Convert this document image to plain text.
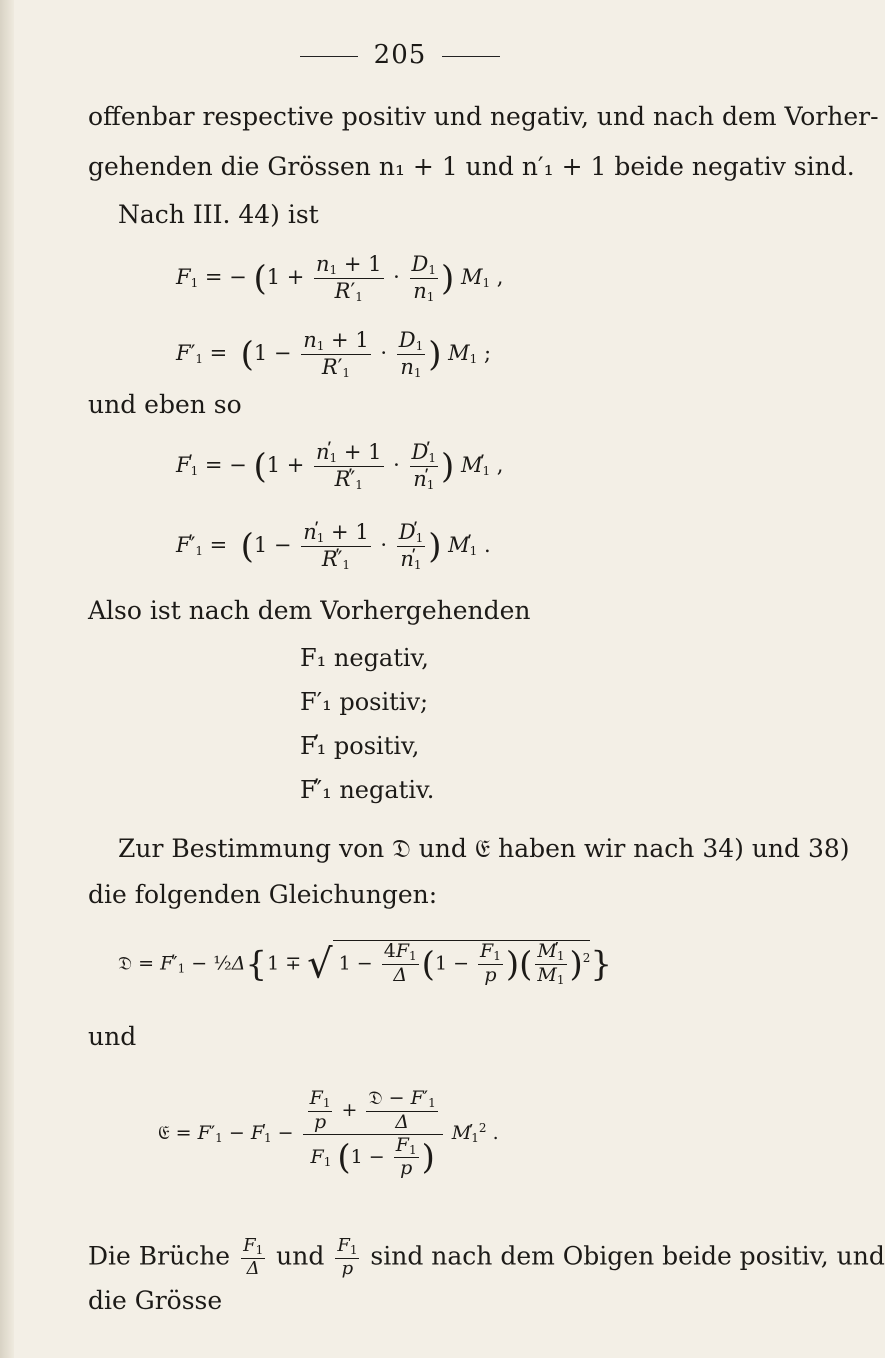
205
offenbar respective positiv und negativ, und nach dem Vorher-
gehenden die Grössen n₁ + 1 und n′₁ + 1 beide negativ sind.
Nach III. 44) ist
$F_1$ = − ($1 + \frac{n_1 + 1}{R'_1} \cdot \frac{D_1}{n_1}$ ) $M_1$ ,
$F'_1 = (1 - \frac{n_1 + 1}{R'_1} \cdot \frac{D_1}{n_1}$ ) $M_1$ ;
und eben so
$F_1$ = − ($1 + \frac{n_1 + 1}{R̕'_1} \cdot \frac{D_1}{n_1}$ ) $M_1$ ,
$F̕'_1 = (1 - \frac{n_1 + 1}{R̕'_1} \cdot \frac{D_1}{n_1}$ ) $M_1$ .
Also ist nach dem Vorhergehenden
F₁ negativ,
F′₁ positiv;
F̕₁ positiv,
F̕′₁ negativ.
Zur Bestimmung von 𝔇 und 𝔈 haben wir nach 34) und 38)
die folgenden Gleichungen:
𝔇 = $F̕'_1$ − ½Δ{1 ∓ √ $1 - \frac{4F_1}{\Delta} (1 - \frac{F_1}{p}$ )( $\frac{M_1}{M_1} )^2$}
und
𝔈 = $F'_1 - F_1 - \frac{\frac{F_1}{p} + \frac{𝔇 - F'_1}{\Delta}}{F_1 (1 - \frac{F_1}{p} )} M_1^2$ .
Die Brüche $\frac{F_1}{\Delta}$ und $\frac{F_1}{p}$ sind nach dem Obigen beide positiv, und
die Grösse
